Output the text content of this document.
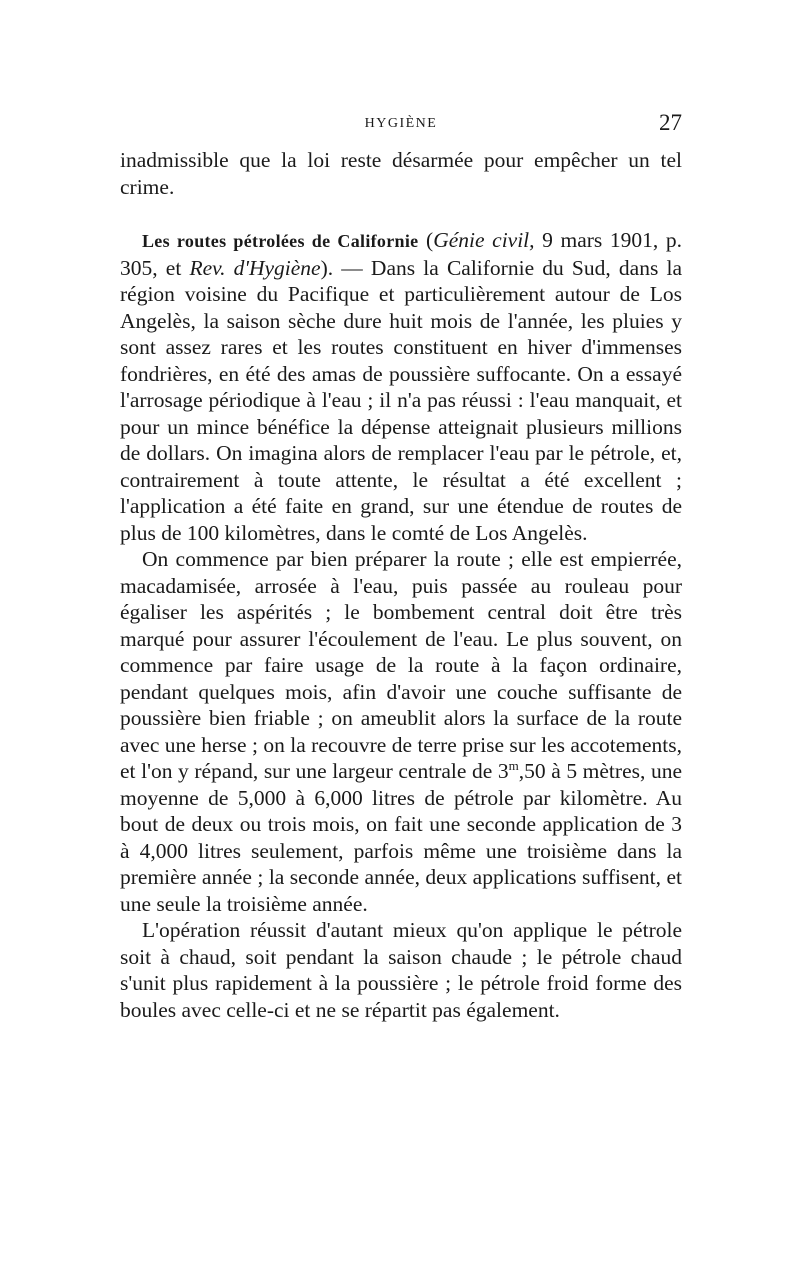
HYGIÈNE	27

inadmissible que la loi reste désarmée pour empêcher un tel crime.

Les routes pétrolées de Californie (Génie civil, 9 mars 1901, p. 305, et Rev. d'Hygiène). — Dans la Californie du Sud, dans la région voisine du Pacifique et particulièrement autour de Los Angelès, la saison sèche dure huit mois de l'année, les pluies y sont assez rares et les routes constituent en hiver d'immenses fondrières, en été des amas de poussière suffocante. On a essayé l'arrosage périodique à l'eau ; il n'a pas réussi : l'eau manquait, et pour un mince bénéfice la dépense atteignait plusieurs millions de dollars. On imagina alors de remplacer l'eau par le pétrole, et, contrairement à toute attente, le résultat a été excellent ; l'application a été faite en grand, sur une étendue de routes de plus de 100 kilomètres, dans le comté de Los Angelès.

On commence par bien préparer la route ; elle est empierrée, macadamisée, arrosée à l'eau, puis passée au rouleau pour égaliser les aspérités ; le bombement central doit être très marqué pour assurer l'écoulement de l'eau. Le plus souvent, on commence par faire usage de la route à la façon ordinaire, pendant quelques mois, afin d'avoir une couche suffisante de poussière bien friable ; on ameublit alors la surface de la route avec une herse ; on la recouvre de terre prise sur les accotements, et l'on y répand, sur une largeur centrale de 3$^m$,50 à 5 mètres, une moyenne de 5,000 à 6,000 litres de pétrole par kilomètre. Au bout de deux ou trois mois, on fait une seconde application de 3 à 4,000 litres seulement, parfois même une troisième dans la première année ; la seconde année, deux applications suffisent, et une seule la troisième année.

L'opération réussit d'autant mieux qu'on applique le pétrole soit à chaud, soit pendant la saison chaude ; le pétrole chaud s'unit plus rapidement à la poussière ; le pétrole froid forme des boules avec celle-ci et ne se répartit pas également.
